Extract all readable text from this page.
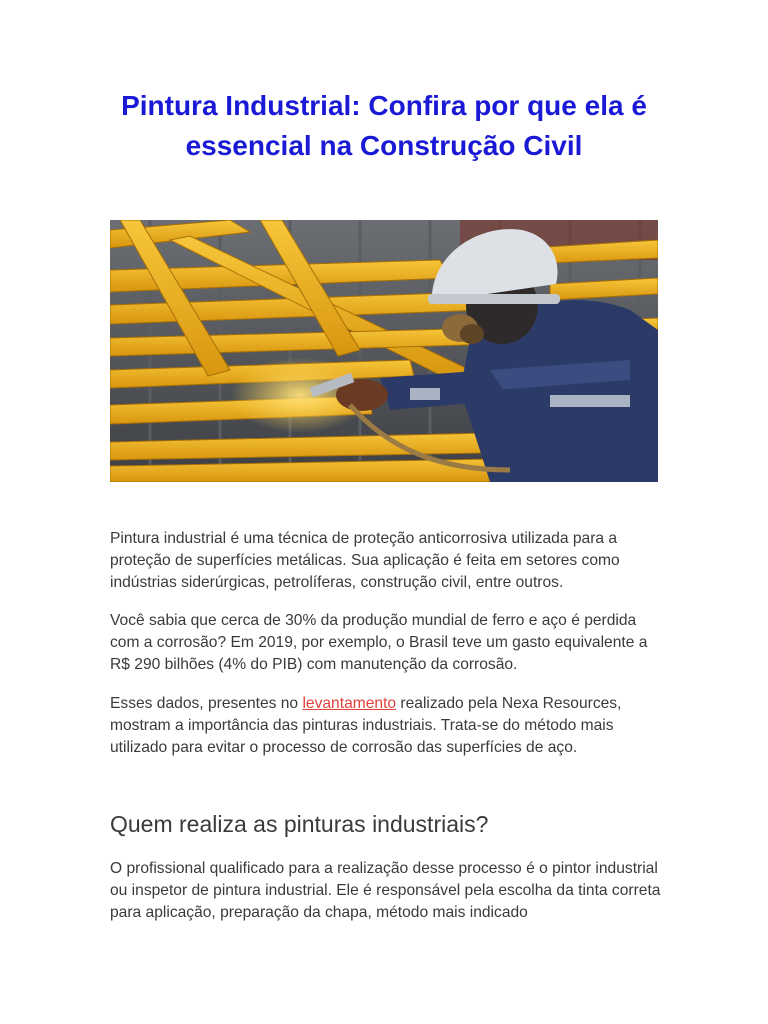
Pintura Industrial: Confira por que ela é essencial na Construção Civil

Pintura industrial é uma técnica de proteção anticorrosiva utilizada para a proteção de superfícies metálicas. Sua aplicação é feita em setores como indústrias siderúrgicas, petrolíferas, construção civil, entre outros.

Você sabia que cerca de 30% da produção mundial de ferro e aço é perdida com a corrosão? Em 2019, por exemplo, o Brasil teve um gasto equivalente a R$ 290 bilhões (4% do PIB) com manutenção da corrosão.

Esses dados, presentes no levantamento realizado pela Nexa Resources, mostram a importância das pinturas industriais. Trata-se do método mais utilizado para evitar o processo de corrosão das superfícies de aço.

Quem realiza as pinturas industriais?

O profissional qualificado para a realização desse processo é o pintor industrial ou inspetor de pintura industrial. Ele é responsável pela escolha da tinta correta para aplicação, preparação da chapa, método mais indicado
